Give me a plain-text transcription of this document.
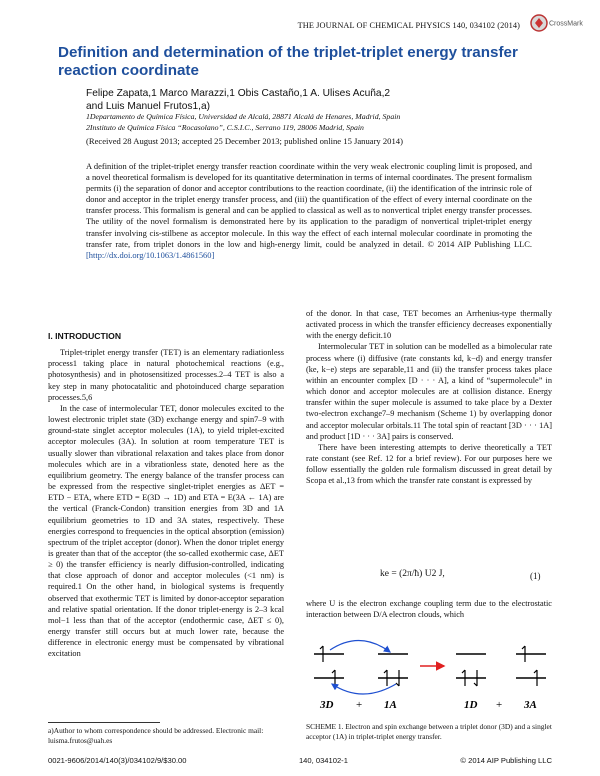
THE JOURNAL OF CHEMICAL PHYSICS 140, 034102 (2014)	CrossMark
Definition and determination of the triplet-triplet energy transfer reaction coordinate
Felipe Zapata,1 Marco Marazzi,1 Obis Castaño,1 A. Ulises Acuña,2
and Luis Manuel Frutos1,a)
1Departamento de Química Física, Universidad de Alcalá, 28871 Alcalá de Henares, Madrid, Spain
2Instituto de Química Física “Rocasolano”, C.S.I.C., Serrano 119, 28006 Madrid, Spain
(Received 28 August 2013; accepted 25 December 2013; published online 15 January 2014)
A definition of the triplet-triplet energy transfer reaction coordinate within the very weak electronic coupling limit is proposed, and a novel theoretical formalism is developed for its quantitative determination in terms of internal coordinates. The present formalism permits (i) the separation of donor and acceptor contributions to the reaction coordinate, (ii) the identification of the intrinsic role of donor and acceptor in the triplet energy transfer process, and (iii) the quantification of the effect of every internal coordinate on the transfer process. This formalism is general and can be applied to classical as well as to nonvertical triplet energy transfer processes. The utility of the novel formalism is demonstrated here by its application to the paradigm of nonvertical triplet-triplet energy transfer involving cis-stilbene as acceptor molecule. In this way the effect of each internal molecular coordinate in promoting the transfer rate, from triplet donors in the low and high-energy limit, could be analyzed in detail. © 2014 AIP Publishing LLC. [http://dx.doi.org/10.1063/1.4861560]
I. INTRODUCTION

Triplet-triplet energy transfer (TET) is an elementary radiationless process1 taking place in natural photochemical reactions (e.g., photosynthesis) and in photosensitized processes.2–4 TET is also a key step in many photocatalitic and photoinduced charge separation processes.5,6

In the case of intermolecular TET, donor molecules excited to the lowest electronic triplet state (3D) exchange energy and spin7–9 with ground-state singlet acceptor molecules (1A), to yield triplet-excited acceptor molecules (3A). In solution at room temperature TET is usually slower than vibrational relaxation and takes place from donor molecules which are in a vibrationless state, denoted here as the equilibrium geometry. The energy balance of the transfer process can be expressed from the respective singlet-triplet energies as ΔET = ETD − ETA, where ETD = E(3D → 1D) and ETA = E(3A ← 1A) are the vertical (Franck-Condon) transition energies from 3D and 1A equilibrium geometries to 1D and 3A states, respectively. These energies correspond to frequencies in the optical absorption (emission) spectrum of the triplet acceptor (donor). When the donor triplet energy is greater than that of the acceptor (the so-called exothermic case, ΔET ≥ 0) the transfer efficiency is nearly diffusion-controlled, indicating that close approach of donor and acceptor molecules (<1 nm) is required.1 On the other hand, in biological systems is frequently observed that exothermic TET is limited by donor-acceptor separation and relative spatial orientation. If the donor triplet-energy is 2–3 kcal mol−1 less than that of the acceptor (endothermic case, ΔET ≤ 0), energy transfer still occurs but at much lower rate, because the difference in electronic energy must be compensated by vibrational excitation

of the donor. In that case, TET becomes an Arrhenius-type thermally activated process in which the transfer efficiency decreases exponentially with the energy deficit.10

Intermolecular TET in solution can be modelled as a bimolecular rate process where (i) diffusive (rate constants kd, k−d) and energy transfer (ke, k−e) steps are separable,11 and (ii) the transfer process takes place within an encounter complex [D · · · A], a kind of “supermolecule” in which donor and acceptor molecules are at collision distance. Energy transfer within the super molecule is assumed to take place by a Dexter two-electron exchange7–9 mechanism (Scheme 1) by overlapping donor and acceptor molecular orbitals.11 The total spin of reactant [3D · · · 1A] and product [1D · · · 3A] pairs is conserved.

There have been interesting attempts to derive theoretically a TET rate constant (see Ref. 12 for a brief review). For our purposes here we follow essentially the golden rule formalism discussed in great detail by Scopa et al.,13 from which the transfer rate constant is expressed by

ke = (2π/ħ) U2 J,	(1)
where U is the electron exchange coupling term due to the electrostatic interaction between D/A electron clouds, which
3D + 1A	1D + 3A
SCHEME 1. Electron and spin exchange between a triplet donor (3D) and a singlet acceptor (1A) in triplet-triplet energy transfer.
a)Author to whom correspondence should be addressed. Electronic mail: luisma.frutos@uah.es
0021-9606/2014/140(3)/034102/9/$30.00	140, 034102-1	© 2014 AIP Publishing LLC
